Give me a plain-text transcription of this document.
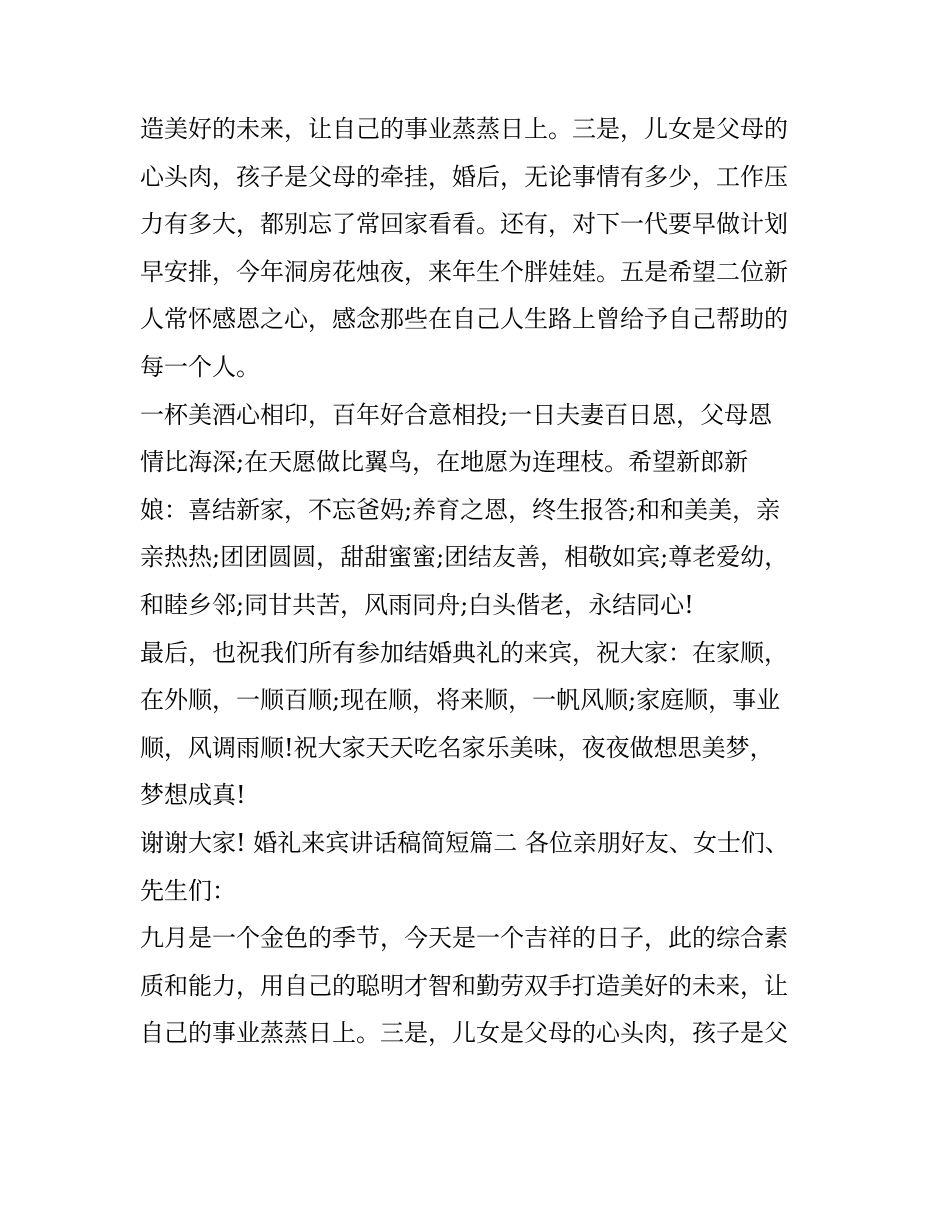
造美好的未来，让自己的事业蒸蒸日上。三是，儿女是父母的
心头肉，孩子是父母的牵挂，婚后，无论事情有多少，工作压
力有多大，都别忘了常回家看看。还有，对下一代要早做计划
早安排，今年洞房花烛夜，来年生个胖娃娃。五是希望二位新
人常怀感恩之心，感念那些在自己人生路上曾给予自己帮助的
每一个人。
一杯美酒心相印，百年好合意相投;一日夫妻百日恩，父母恩
情比海深;在天愿做比翼鸟，在地愿为连理枝。希望新郎新
娘：喜结新家，不忘爸妈;养育之恩，终生报答;和和美美，亲
亲热热;团团圆圆，甜甜蜜蜜;团结友善，相敬如宾;尊老爱幼，
和睦乡邻;同甘共苦，风雨同舟;白头偕老，永结同心!
最后，也祝我们所有参加结婚典礼的来宾，祝大家：在家顺，
在外顺，一顺百顺;现在顺，将来顺，一帆风顺;家庭顺，事业
顺，风调雨顺!祝大家天天吃名家乐美味，夜夜做想思美梦，
梦想成真!
谢谢大家! 婚礼来宾讲话稿简短篇二 各位亲朋好友、女士们、
先生们：
九月是一个金色的季节，今天是一个吉祥的日子，此的综合素
质和能力，用自己的聪明才智和勤劳双手打造美好的未来，让
自己的事业蒸蒸日上。三是，儿女是父母的心头肉，孩子是父
